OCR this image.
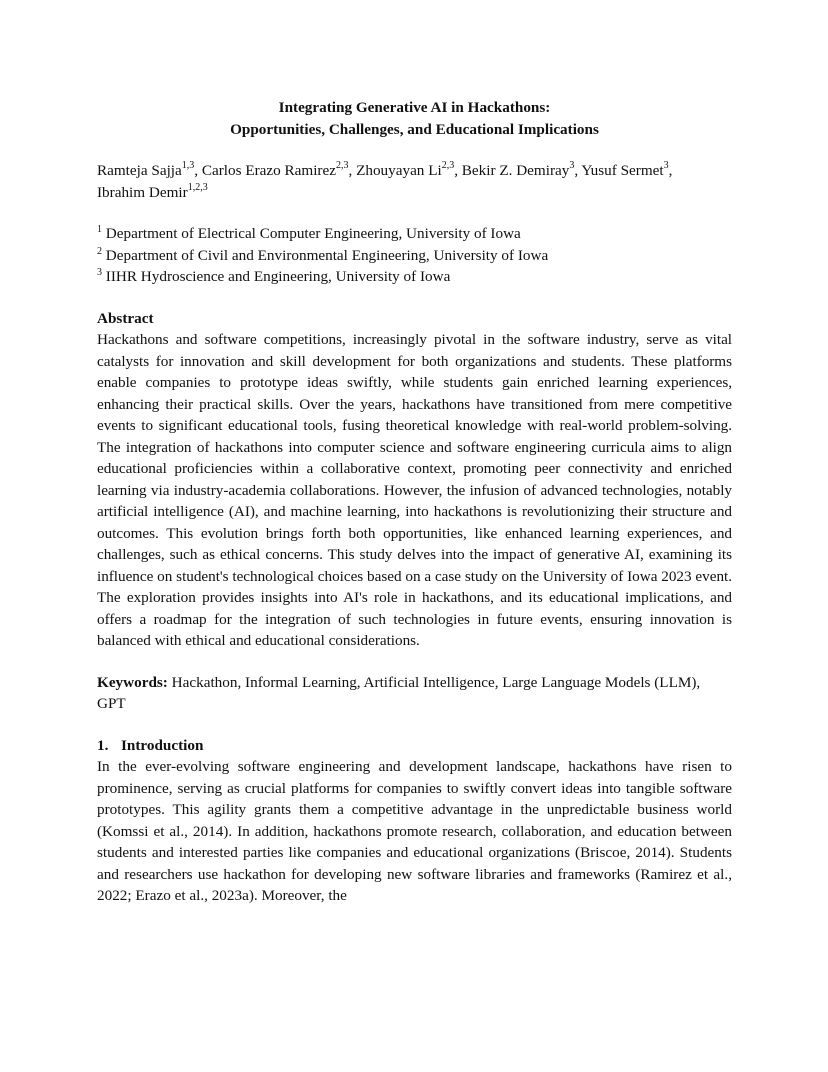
Integrating Generative AI in Hackathons:
Opportunities, Challenges, and Educational Implications
Ramteja Sajja$^{1,3}$, Carlos Erazo Ramirez$^{2,3}$, Zhouyayan Li$^{2,3}$, Bekir Z. Demiray$^3$, Yusuf Sermet$^3$,
Ibrahim Demir$^{1,2,3}$
$^1$ Department of Electrical Computer Engineering, University of Iowa
$^2$ Department of Civil and Environmental Engineering, University of Iowa
$^3$ IIHR Hydroscience and Engineering, University of Iowa
Abstract
Hackathons and software competitions, increasingly pivotal in the software industry, serve as vital catalysts for innovation and skill development for both organizations and students. These platforms enable companies to prototype ideas swiftly, while students gain enriched learning experiences, enhancing their practical skills. Over the years, hackathons have transitioned from mere competitive events to significant educational tools, fusing theoretical knowledge with real-world problem-solving. The integration of hackathons into computer science and software engineering curricula aims to align educational proficiencies within a collaborative context, promoting peer connectivity and enriched learning via industry-academia collaborations. However, the infusion of advanced technologies, notably artificial intelligence (AI), and machine learning, into hackathons is revolutionizing their structure and outcomes. This evolution brings forth both opportunities, like enhanced learning experiences, and challenges, such as ethical concerns. This study delves into the impact of generative AI, examining its influence on student's technological choices based on a case study on the University of Iowa 2023 event. The exploration provides insights into AI's role in hackathons, and its educational implications, and offers a roadmap for the integration of such technologies in future events, ensuring innovation is balanced with ethical and educational considerations.
Keywords: Hackathon, Informal Learning, Artificial Intelligence, Large Language Models (LLM), GPT
1. Introduction
In the ever-evolving software engineering and development landscape, hackathons have risen to prominence, serving as crucial platforms for companies to swiftly convert ideas into tangible software prototypes. This agility grants them a competitive advantage in the unpredictable business world (Komssi et al., 2014). In addition, hackathons promote research, collaboration, and education between students and interested parties like companies and educational organizations (Briscoe, 2014). Students and researchers use hackathon for developing new software libraries and frameworks (Ramirez et al., 2022; Erazo et al., 2023a). Moreover, the
